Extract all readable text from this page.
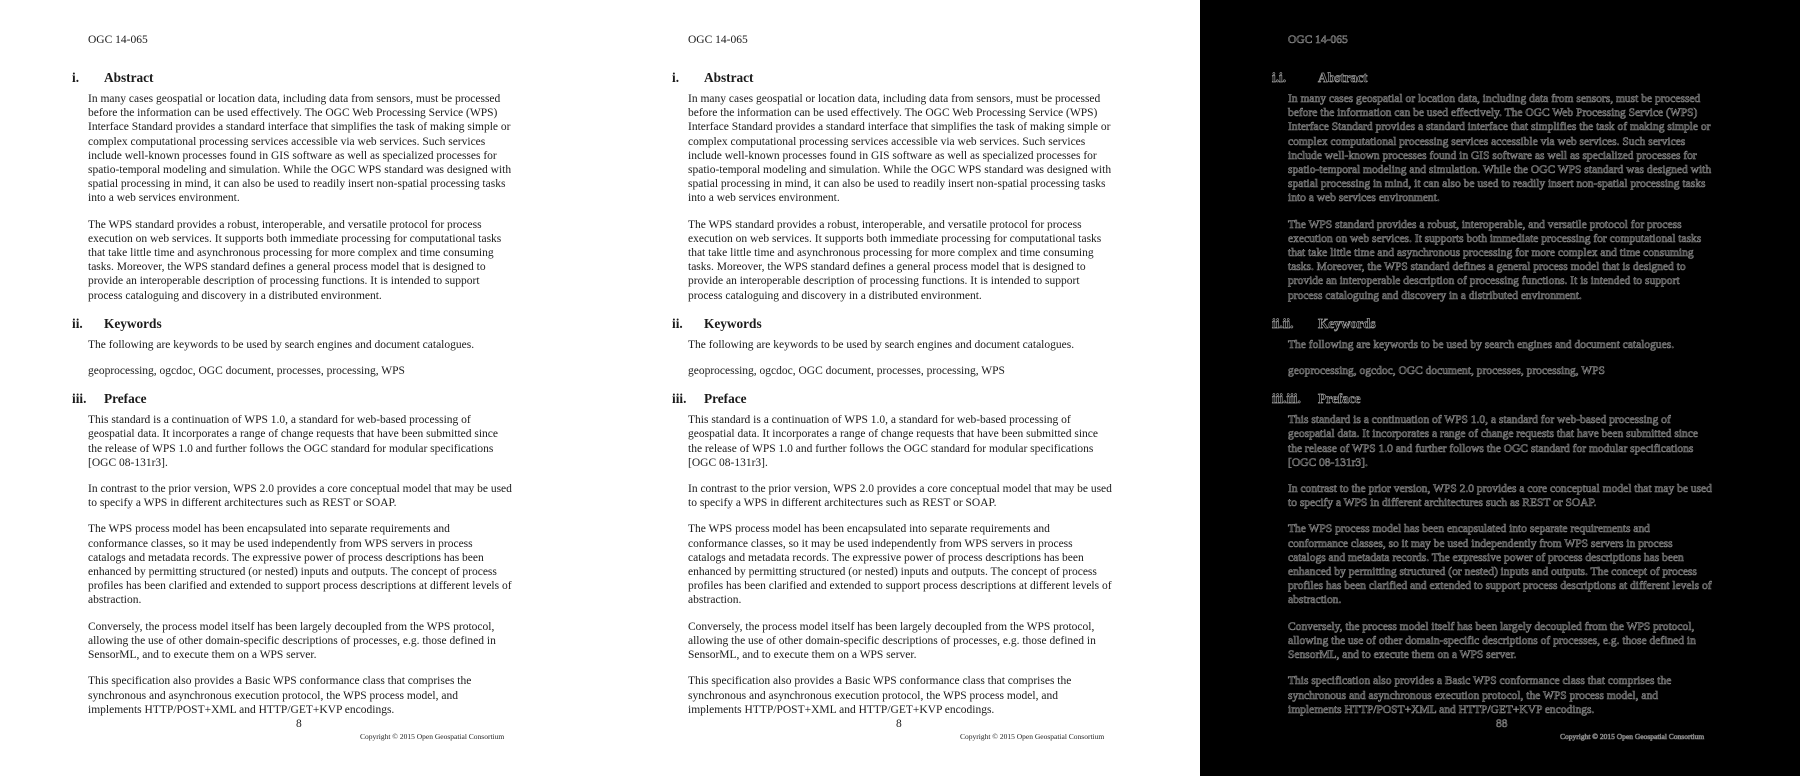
OGC 14-065
i.	Abstract

In many cases geospatial or location data, including data from sensors, must be processed before the information can be used effectively. The OGC Web Processing Service (WPS) Interface Standard provides a standard interface that simplifies the task of making simple or complex computational processing services accessible via web services. Such services include well-known processes found in GIS software as well as specialized processes for spatio-temporal modeling and simulation. While the OGC WPS standard was designed with spatial processing in mind, it can also be used to readily insert non-spatial processing tasks into a web services environment.

The WPS standard provides a robust, interoperable, and versatile protocol for process execution on web services. It supports both immediate processing for computational tasks that take little time and asynchronous processing for more complex and time consuming tasks. Moreover, the WPS standard defines a general process model that is designed to provide an interoperable description of processing functions. It is intended to support process cataloguing and discovery in a distributed environment.

ii.	Keywords

The following are keywords to be used by search engines and document catalogues.

geoprocessing, ogcdoc, OGC document, processes, processing, WPS

iii.	Preface

This standard is a continuation of WPS 1.0, a standard for web-based processing of geospatial data. It incorporates a range of change requests that have been submitted since the release of WPS 1.0 and further follows the OGC standard for modular specifications [OGC 08-131r3].

In contrast to the prior version, WPS 2.0 provides a core conceptual model that may be used to specify a WPS in different architectures such as REST or SOAP.

The WPS process model has been encapsulated into separate requirements and conformance classes, so it may be used independently from WPS servers in process catalogs and metadata records. The expressive power of process descriptions has been enhanced by permitting structured (or nested) inputs and outputs. The concept of process profiles has been clarified and extended to support process descriptions at different levels of abstraction.

Conversely, the process model itself has been largely decoupled from the WPS protocol, allowing the use of other domain-specific descriptions of processes, e.g. those defined in SensorML, and to execute them on a WPS server.

This specification also provides a Basic WPS conformance class that comprises the synchronous and asynchronous execution protocol, the WPS process model, and implements HTTP/POST+XML and HTTP/GET+KVP encodings.

8
Copyright © 2015 Open Geospatial Consortium
OGC 14-065
i.	Abstract

In many cases geospatial or location data, including data from sensors, must be processed before the information can be used effectively. The OGC Web Processing Service (WPS) Interface Standard provides a standard interface that simplifies the task of making simple or complex computational processing services accessible via web services. Such services include well-known processes found in GIS software as well as specialized processes for spatio-temporal modeling and simulation. While the OGC WPS standard was designed with spatial processing in mind, it can also be used to readily insert non-spatial processing tasks into a web services environment.

The WPS standard provides a robust, interoperable, and versatile protocol for process execution on web services. It supports both immediate processing for computational tasks that take little time and asynchronous processing for more complex and time consuming tasks. Moreover, the WPS standard defines a general process model that is designed to provide an interoperable description of processing functions. It is intended to support process cataloguing and discovery in a distributed environment.

ii.	Keywords

The following are keywords to be used by search engines and document catalogues.

geoprocessing, ogcdoc, OGC document, processes, processing, WPS

iii.	Preface

This standard is a continuation of WPS 1.0, a standard for web-based processing of geospatial data. It incorporates a range of change requests that have been submitted since the release of WPS 1.0 and further follows the OGC standard for modular specifications [OGC 08-131r3].

In contrast to the prior version, WPS 2.0 provides a core conceptual model that may be used to specify a WPS in different architectures such as REST or SOAP.

The WPS process model has been encapsulated into separate requirements and conformance classes, so it may be used independently from WPS servers in process catalogs and metadata records. The expressive power of process descriptions has been enhanced by permitting structured (or nested) inputs and outputs. The concept of process profiles has been clarified and extended to support process descriptions at different levels of abstraction.

Conversely, the process model itself has been largely decoupled from the WPS protocol, allowing the use of other domain-specific descriptions of processes, e.g. those defined in SensorML, and to execute them on a WPS server.

This specification also provides a Basic WPS conformance class that comprises the synchronous and asynchronous execution protocol, the WPS process model, and implements HTTP/POST+XML and HTTP/GET+KVP encodings.

8
Copyright © 2015 Open Geospatial Consortium
OGC 14-065
i.i.	Abstract

In many cases geospatial or location data, including data from sensors, must be processed before the information can be used effectively. The OGC Web Processing Service (WPS) Interface Standard provides a standard interface that simplifies the task of making simple or complex computational processing services accessible via web services. Such services include well-known processes found in GIS software as well as specialized processes for spatio-temporal modeling and simulation. While the OGC WPS standard was designed with spatial processing in mind, it can also be used to readily insert non-spatial processing tasks into a web services environment.

The WPS standard provides a robust, interoperable, and versatile protocol for process execution on web services. It supports both immediate processing for computational tasks that take little time and asynchronous processing for more complex and time consuming tasks. Moreover, the WPS standard defines a general process model that is designed to provide an interoperable description of processing functions. It is intended to support process cataloguing and discovery in a distributed environment.

ii.ii.	Keywords

The following are keywords to be used by search engines and document catalogues.

geoprocessing, ogcdoc, OGC document, processes, processing, WPS

iii.iii.	Preface

This standard is a continuation of WPS 1.0, a standard for web-based processing of geospatial data. It incorporates a range of change requests that have been submitted since the release of WPS 1.0 and further follows the OGC standard for modular specifications [OGC 08-131r3].

In contrast to the prior version, WPS 2.0 provides a core conceptual model that may be used to specify a WPS in different architectures such as REST or SOAP.

The WPS process model has been encapsulated into separate requirements and conformance classes, so it may be used independently from WPS servers in process catalogs and metadata records. The expressive power of process descriptions has been enhanced by permitting structured (or nested) inputs and outputs. The concept of process profiles has been clarified and extended to support process descriptions at different levels of abstraction.

Conversely, the process model itself has been largely decoupled from the WPS protocol, allowing the use of other domain-specific descriptions of processes, e.g. those defined in SensorML, and to execute them on a WPS server.

This specification also provides a Basic WPS conformance class that comprises the synchronous and asynchronous execution protocol, the WPS process model, and implements HTTP/POST+XML and HTTP/GET+KVP encodings.

88
Copyright © 2015 Open Geospatial Consortium
